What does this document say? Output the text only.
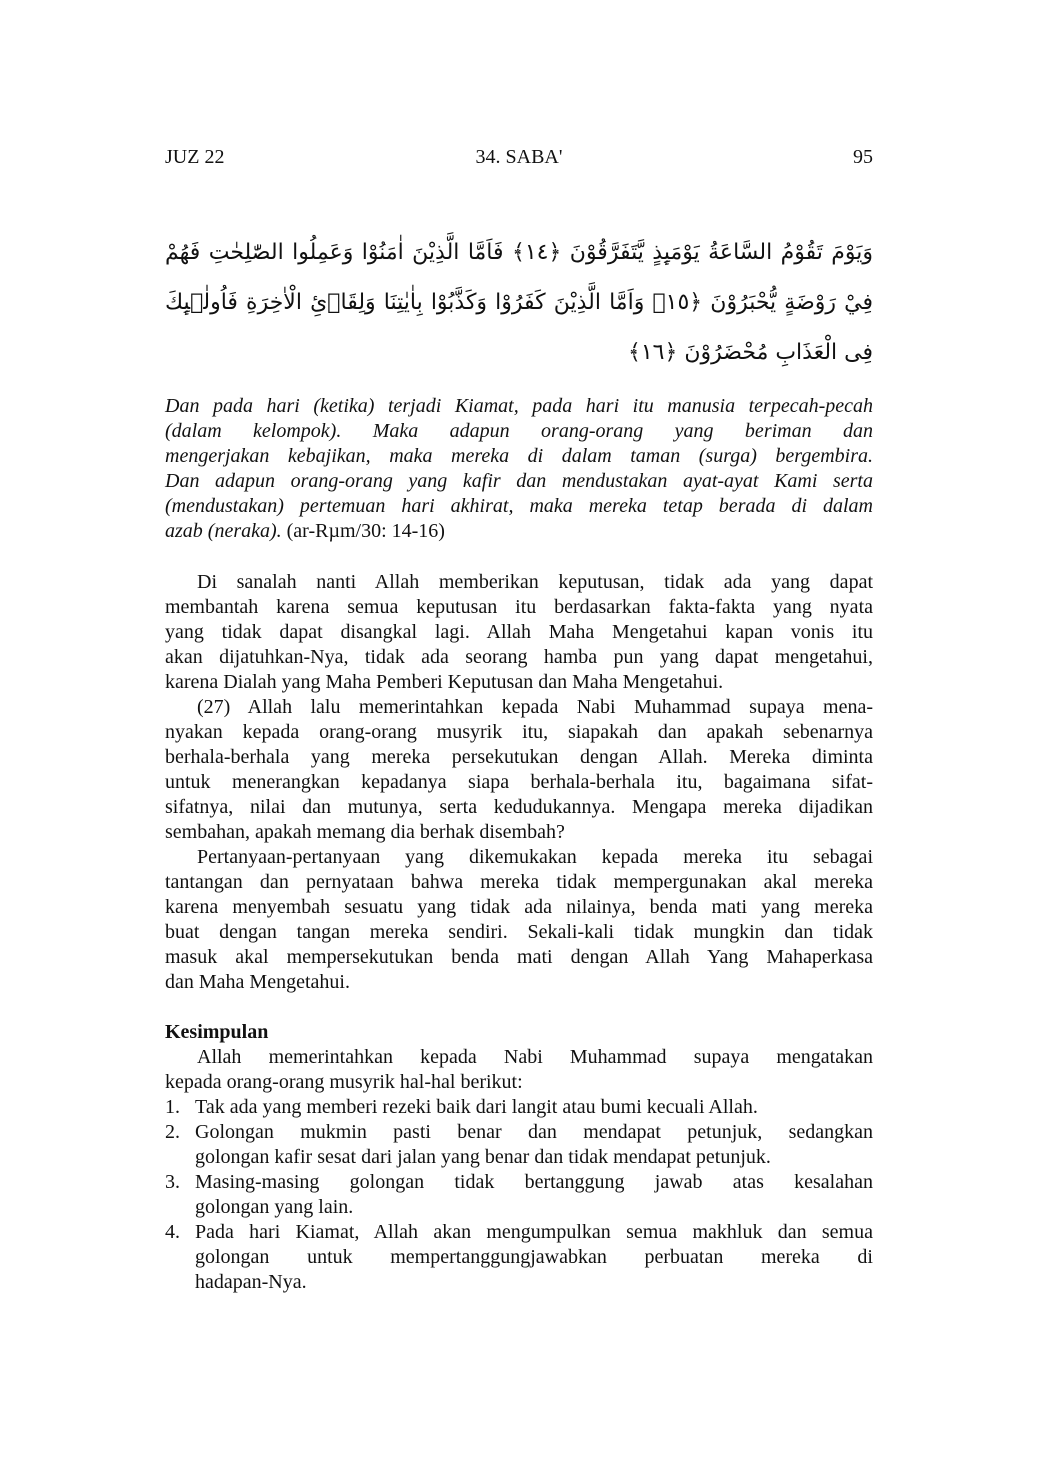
JUZ 22	34. SABA'	95
وَيَوْمَ تَقُوْمُ السَّاعَةُ يَوْمَىِٕذٍ يَّتَفَرَّقُوْنَ ﴿١٤﴾ فَاَمَّا الَّذِيْنَ اٰمَنُوْا وَعَمِلُوا الصّٰلِحٰتِ فَهُمْ
فِيْ رَوْضَةٍ يُّحْبَرُوْنَ ﴿١٥﴾ وَاَمَّا الَّذِيْنَ كَفَرُوْا وَكَذَّبُوْا بِاٰيٰتِنَا وَلِقَاۤئِ الْاٰخِرَةِ فَاُولٰۤىِٕكَ
فِى الْعَذَابِ مُحْضَرُوْنَ ﴿١٦﴾
Dan pada hari (ketika) terjadi Kiamat, pada hari itu manusia terpecah-pecah
(dalam kelompok). Maka adapun orang-orang yang beriman dan
mengerjakan kebajikan, maka mereka di dalam taman (surga) bergembira.
Dan adapun orang-orang yang kafir dan mendustakan ayat-ayat Kami serta
(mendustakan) pertemuan hari akhirat, maka mereka tetap berada di dalam
azab (neraka). (ar-Rµm/30: 14-16)
Di sanalah nanti Allah memberikan keputusan, tidak ada yang dapat
membantah karena semua keputusan itu berdasarkan fakta-fakta yang nyata
yang tidak dapat disangkal lagi. Allah Maha Mengetahui kapan vonis itu
akan dijatuhkan-Nya, tidak ada seorang hamba pun yang dapat mengetahui,
karena Dialah yang Maha Pemberi Keputusan dan Maha Mengetahui.
(27) Allah lalu memerintahkan kepada Nabi Muhammad supaya mena-
nyakan kepada orang-orang musyrik itu, siapakah dan apakah sebenarnya
berhala-berhala yang mereka persekutukan dengan Allah. Mereka diminta
untuk menerangkan kepadanya siapa berhala-berhala itu, bagaimana sifat-
sifatnya, nilai dan mutunya, serta kedudukannya. Mengapa mereka dijadikan
sembahan, apakah memang dia berhak disembah?
Pertanyaan-pertanyaan yang dikemukakan kepada mereka itu sebagai
tantangan dan pernyataan bahwa mereka tidak mempergunakan akal mereka
karena menyembah sesuatu yang tidak ada nilainya, benda mati yang mereka
buat dengan tangan mereka sendiri. Sekali-kali tidak mungkin dan tidak
masuk akal mempersekutukan benda mati dengan Allah Yang Mahaperkasa
dan Maha Mengetahui.
Kesimpulan
Allah memerintahkan kepada Nabi Muhammad supaya mengatakan
kepada orang-orang musyrik hal-hal berikut:
1. Tak ada yang memberi rezeki baik dari langit atau bumi kecuali Allah.
2. Golongan mukmin pasti benar dan mendapat petunjuk, sedangkan
golongan kafir sesat dari jalan yang benar dan tidak mendapat petunjuk.
3. Masing-masing golongan tidak bertanggung jawab atas kesalahan
golongan yang lain.
4. Pada hari Kiamat, Allah akan mengumpulkan semua makhluk dan semua
golongan untuk mempertanggungjawabkan perbuatan mereka di
hadapan-Nya.
